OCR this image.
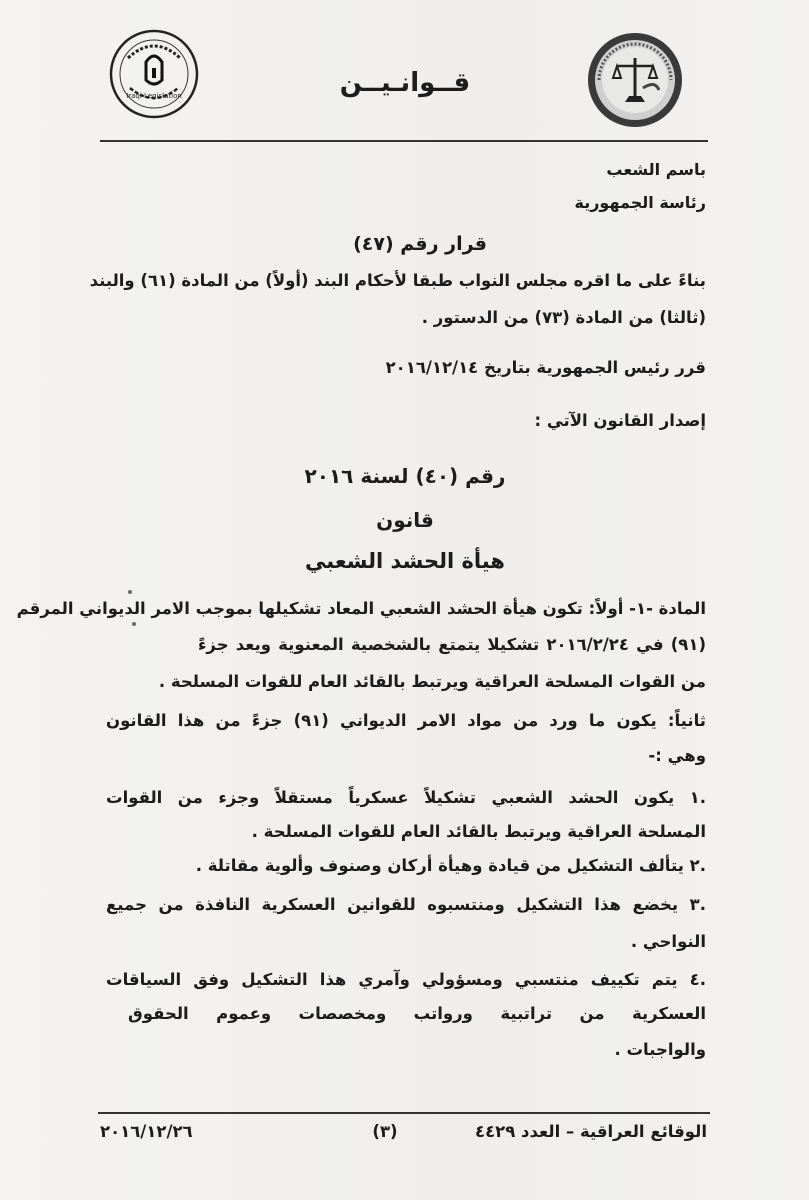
Iraqi Legislation	قــوانـيــن
باسم الشعب
رئاسة الجمهورية
قرار رقم (٤٧)
بناءً على ما اقره مجلس النواب طبقا لأحكام البند (أولاً) من المادة (٦١) والبند
(ثالثا) من المادة (٧٣) من الدستور .
قرر رئيس الجمهورية بتاريخ ٢٠١٦/١٢/١٤
إصدار القانون الآتي :
رقم (٤٠) لسنة ٢٠١٦
قانون
هيأة الحشد الشعبي
المادة -١- أولاً: تكون هيأة الحشد الشعبي المعاد تشكيلها بموجب الامر الديواني المرقم
(٩١) في ٢٠١٦/٢/٢٤ تشكيلا يتمتع بالشخصية المعنوية ويعد جزءً
من القوات المسلحة العراقية ويرتبط بالقائد العام للقوات المسلحة .
ثانياً: يكون ما ورد من مواد الامر الديواني (٩١) جزءً من هذا القانون
وهي :-
.١ يكون الحشد الشعبي تشكيلاً عسكرياً مستقلاً وجزء من القوات
المسلحة العراقية ويرتبط بالقائد العام للقوات المسلحة .
.٢ يتألف التشكيل من قيادة وهيأة أركان وصنوف وألوية مقاتلة .
.٣ يخضع هذا التشكيل ومنتسبوه للقوانين العسكرية النافذة من جميع
النواحي .
.٤ يتم تكييف منتسبي ومسؤولي وآمري هذا التشكيل وفق السياقات
العسكرية من تراتبية ورواتب ومخصصات وعموم الحقوق
والواجبات .
الوقائع العراقية – العدد ٤٤٢٩
(٣)
٢٠١٦/١٢/٢٦
